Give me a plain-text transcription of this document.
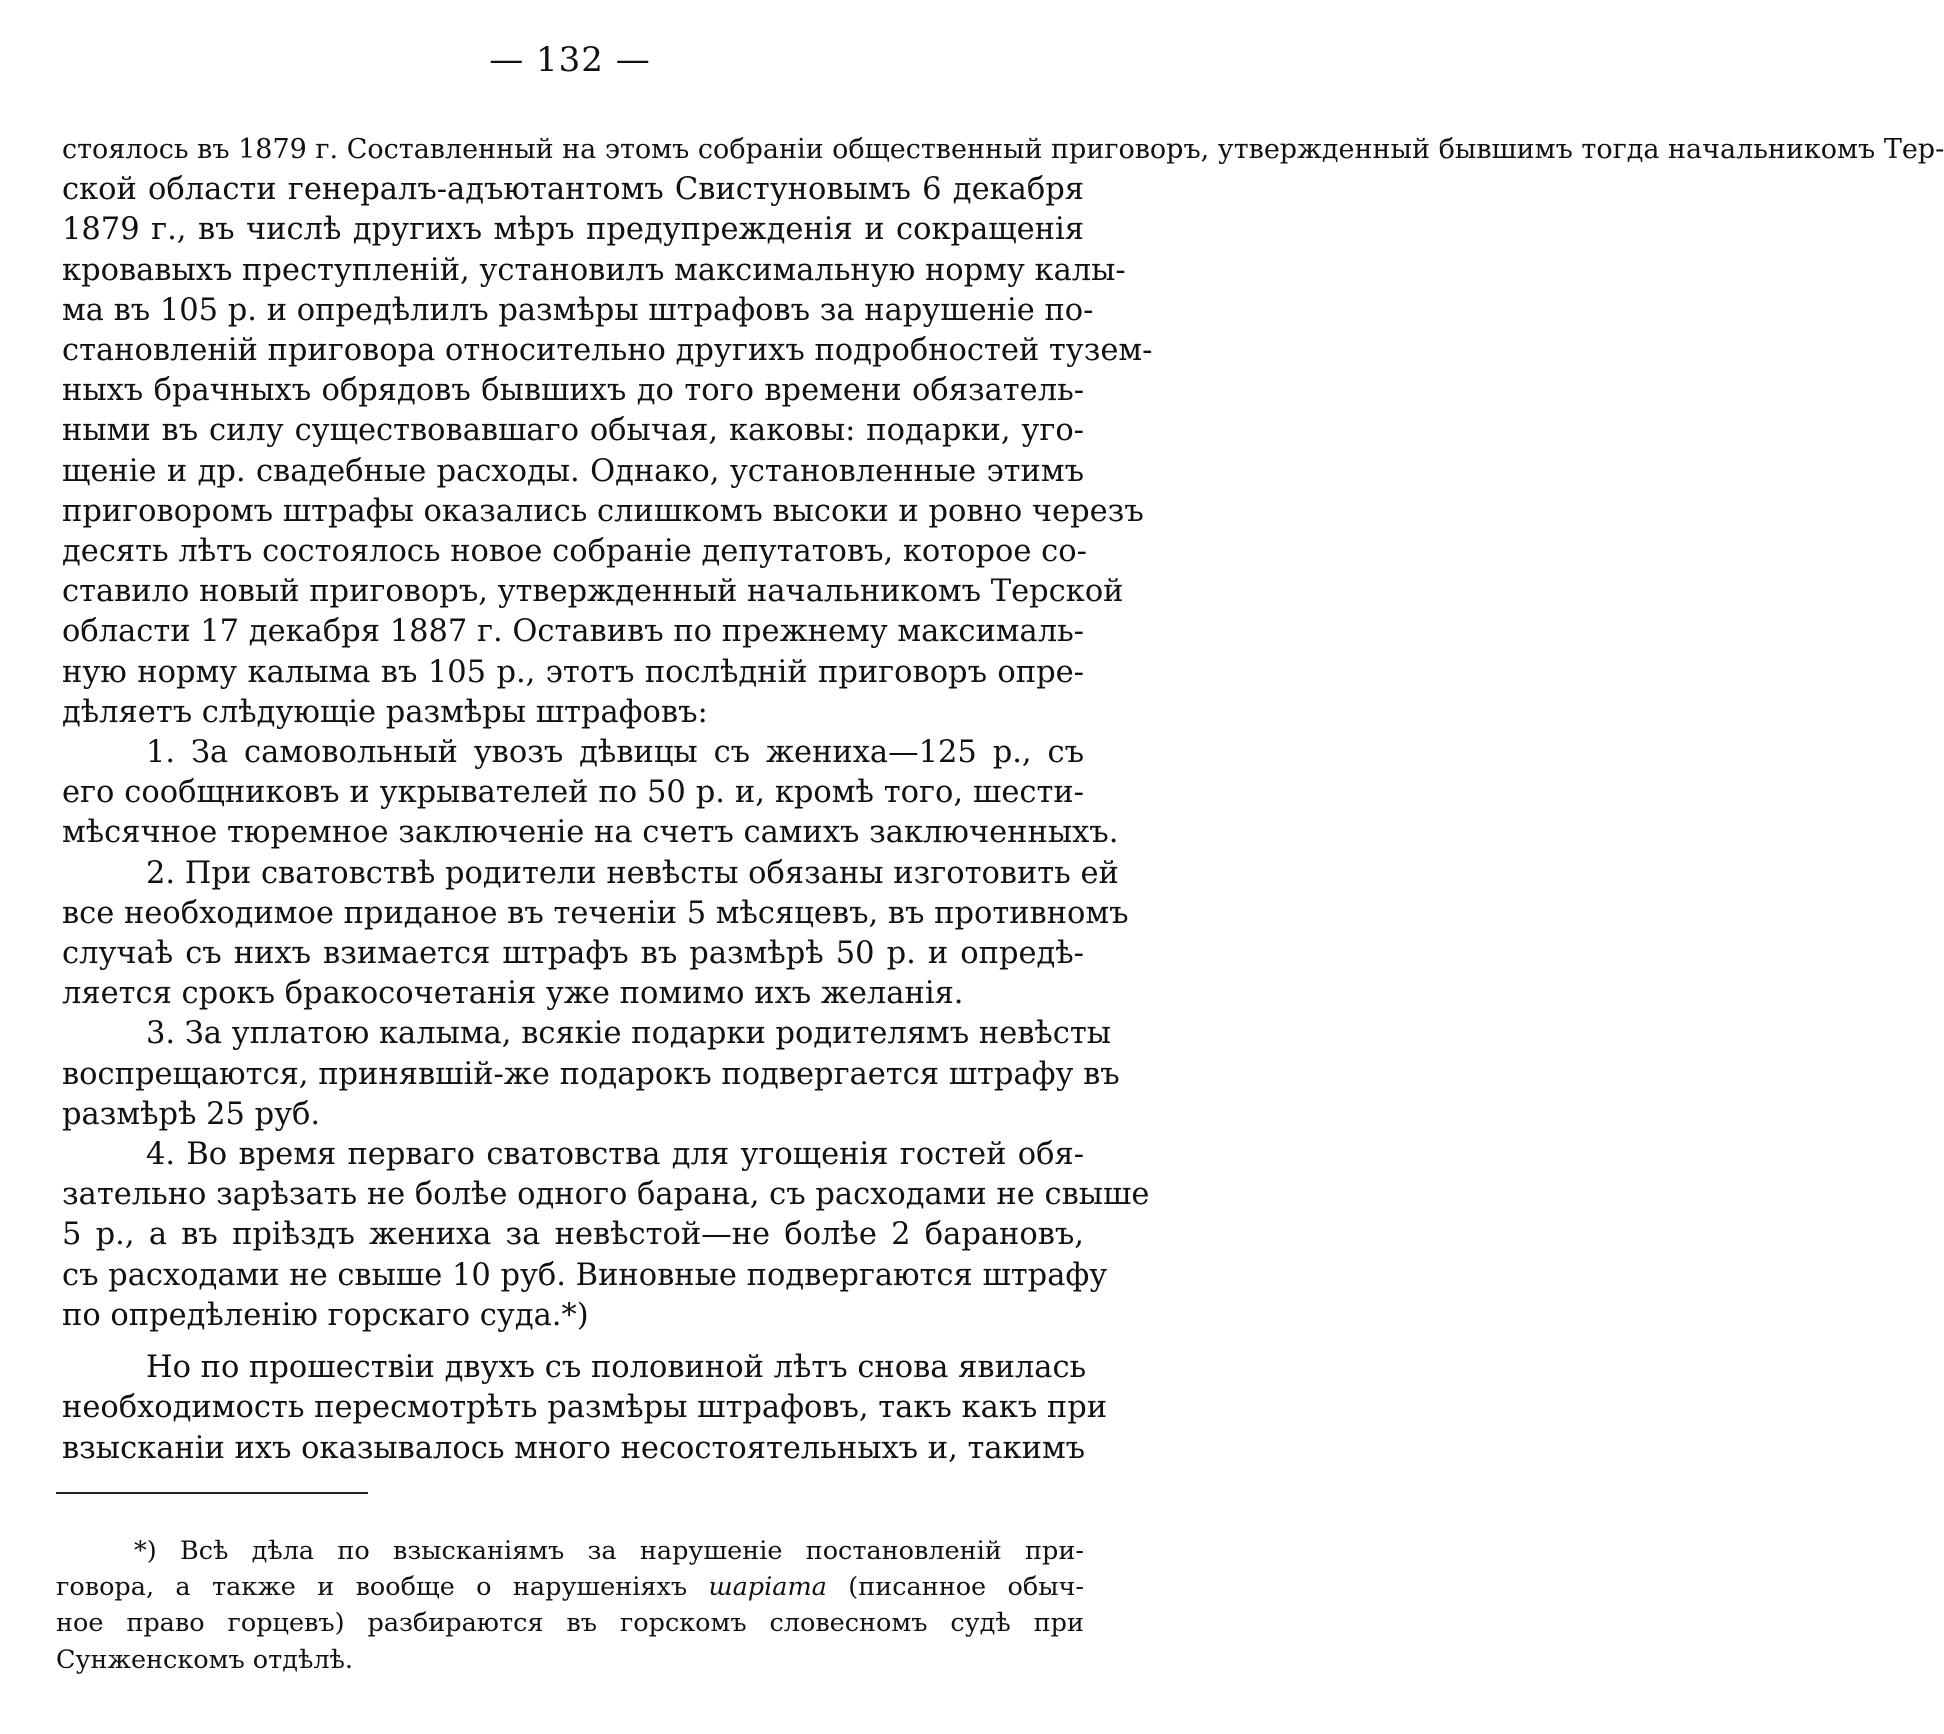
— 132 —
стоялось въ 1879 г. Составленный на этомъ собраніи общественный приговоръ, утвержденный бывшимъ тогда начальникомъ Тер-
ской области генералъ-адъютантомъ Свистуновымъ 6 декабря
1879 г., въ числѣ другихъ мѣръ предупрежденія и сокращенія
кровавыхъ преступленій, установилъ максимальную норму калы-
ма въ 105 р. и опредѣлилъ размѣры штрафовъ за нарушеніе по-
становленій приговора относительно другихъ подробностей тузем-
ныхъ брачныхъ обрядовъ бывшихъ до того времени обязатель-
ными въ силу существовавшаго обычая, каковы: подарки, уго-
щеніе и др. свадебные расходы. Однако, установленные этимъ
приговоромъ штрафы оказались слишкомъ высоки и ровно черезъ
десять лѣтъ состоялось новое собраніе депутатовъ, которое со-
ставило новый приговоръ, утвержденный начальникомъ Терской
области 17 декабря 1887 г. Оставивъ по прежнему максималь-
ную норму калыма въ 105 р., этотъ послѣдній приговоръ опре-
дѣляетъ слѣдующіе размѣры штрафовъ:
1. За самовольный увозъ дѣвицы съ жениха—125 р., съ
его сообщниковъ и укрывателей по 50 р. и, кромѣ того, шести-
мѣсячное тюремное заключеніе на счетъ самихъ заключенныхъ.
2. При сватовствѣ родители невѣсты обязаны изготовить ей
все необходимое приданое въ теченіи 5 мѣсяцевъ, въ противномъ
случаѣ съ нихъ взимается штрафъ въ размѣрѣ 50 р. и опредѣ-
ляется срокъ бракосочетанія уже помимо ихъ желанія.
3. За уплатою калыма, всякіе подарки родителямъ невѣсты
воспрещаются, принявшій-же подарокъ подвергается штрафу въ
размѣрѣ 25 руб.
4. Во время перваго сватовства для угощенія гостей обя-
зательно зарѣзать не болѣе одного барана, съ расходами не свыше
5 р., а въ пріѣздъ жениха за невѣстой—не болѣе 2 барановъ,
съ расходами не свыше 10 руб. Виновные подвергаются штрафу
по опредѣленію горскаго суда.*)
Но по прошествіи двухъ съ половиной лѣтъ снова явилась
необходимость пересмотрѣть размѣры штрафовъ, такъ какъ при
взысканіи ихъ оказывалось много несостоятельныхъ и, такимъ
*) Всѣ дѣла по взысканіямъ за нарушеніе постановленій при-
говора, а также и вообще о нарушеніяхъ шаріата (писанное обыч-
ное право горцевъ) разбираются въ горскомъ словесномъ судѣ при
Сунженскомъ отдѣлѣ.
